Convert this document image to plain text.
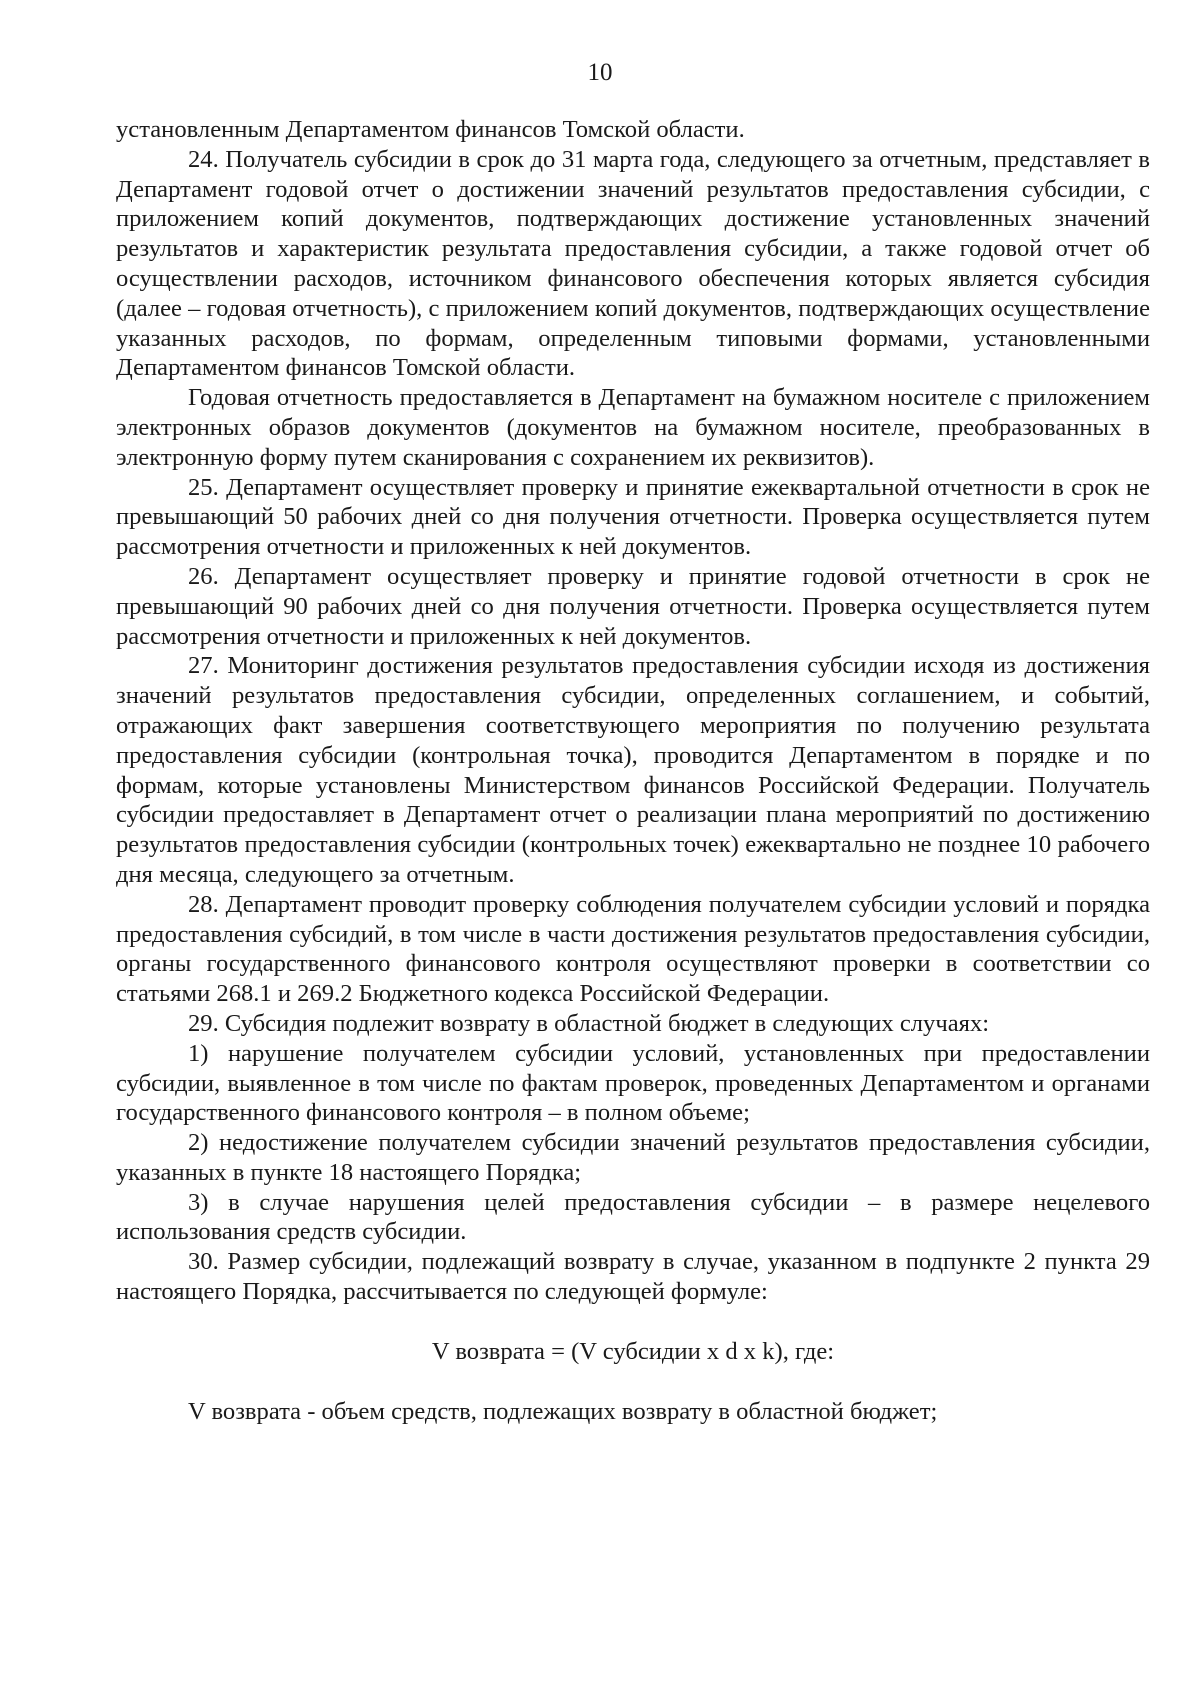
10

установленным Департаментом финансов Томской области.

24. Получатель субсидии в срок до 31 марта года, следующего за отчетным, представляет в Департамент годовой отчет о достижении значений результатов предоставления субсидии, с приложением копий документов, подтверждающих достижение установленных значений результатов и характеристик результата предоставления субсидии, а также годовой отчет об осуществлении расходов, источником финансового обеспечения которых является субсидия (далее – годовая отчетность), с приложением копий документов, подтверждающих осуществление указанных расходов, по формам, определенным типовыми формами, установленными Департаментом финансов Томской области.

Годовая отчетность предоставляется в Департамент на бумажном носителе с приложением электронных образов документов (документов на бумажном носителе, преобразованных в электронную форму путем сканирования с сохранением их реквизитов).

25. Департамент осуществляет проверку и принятие ежеквартальной отчетности в срок не превышающий 50 рабочих дней со дня получения отчетности. Проверка осуществляется путем рассмотрения отчетности и приложенных к ней документов.

26. Департамент осуществляет проверку и принятие годовой отчетности в срок не превышающий 90 рабочих дней со дня получения отчетности. Проверка осуществляется путем рассмотрения отчетности и приложенных к ней документов.

27. Мониторинг достижения результатов предоставления субсидии исходя из достижения значений результатов предоставления субсидии, определенных соглашением, и событий, отражающих факт завершения соответствующего мероприятия по получению результата предоставления субсидии (контрольная точка), проводится Департаментом в порядке и по формам, которые установлены Министерством финансов Российской Федерации. Получатель субсидии предоставляет в Департамент отчет о реализации плана мероприятий по достижению результатов предоставления субсидии (контрольных точек) ежеквартально не позднее 10 рабочего дня месяца, следующего за отчетным.

28. Департамент проводит проверку соблюдения получателем субсидии условий и порядка предоставления субсидий, в том числе в части достижения результатов предоставления субсидии, органы государственного финансового контроля осуществляют проверки в соответствии со статьями 268.1 и 269.2 Бюджетного кодекса Российской Федерации.

29. Субсидия подлежит возврату в областной бюджет в следующих случаях:

1) нарушение получателем субсидии условий, установленных при предоставлении субсидии, выявленное в том числе по фактам проверок, проведенных Департаментом и органами государственного финансового контроля – в полном объеме;

2) недостижение получателем субсидии значений результатов предоставления субсидии, указанных в пункте 18 настоящего Порядка;

3) в случае нарушения целей предоставления субсидии – в размере нецелевого использования средств субсидии.

30. Размер субсидии, подлежащий возврату в случае, указанном в подпункте 2 пункта 29 настоящего Порядка, рассчитывается по следующей формуле:

V возврата = (V субсидии x d x k), где:

V возврата - объем средств, подлежащих возврату в областной бюджет;
